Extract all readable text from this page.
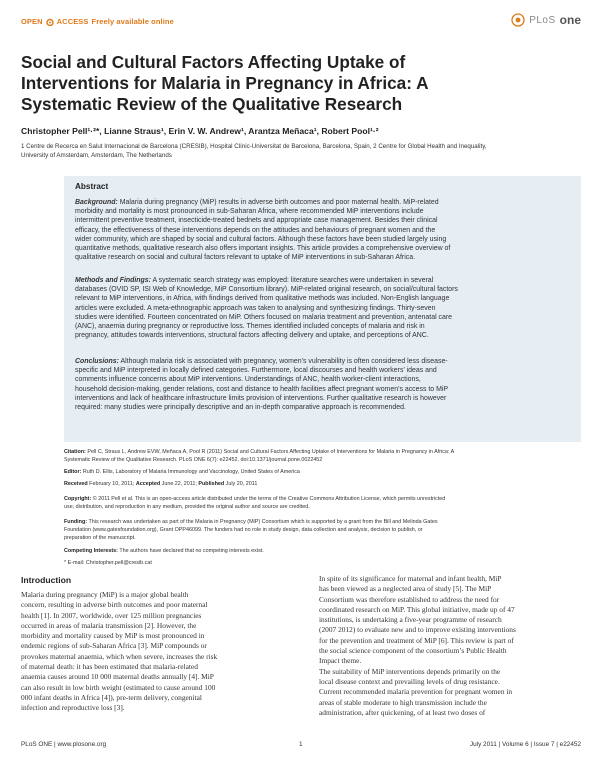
OPEN ACCESS Freely available online	PLoS one
Social and Cultural Factors Affecting Uptake of
Interventions for Malaria in Pregnancy in Africa: A
Systematic Review of the Qualitative Research
Christopher Pell¹·²*, Lianne Straus¹, Erin V. W. Andrew¹, Arantza Meñaca¹, Robert Pool¹·²
1 Centre de Recerca en Salut Internacional de Barcelona (CRESIB), Hospital Clínic-Universitat de Barcelona, Barcelona, Spain, 2 Centre for Global Health and Inequality,
University of Amsterdam, Amsterdam, The Netherlands
Abstract
Background: Malaria during pregnancy (MiP) results in adverse birth outcomes and poor maternal health. MiP-related
morbidity and mortality is most pronounced in sub-Saharan Africa, where recommended MiP interventions include
intermittent preventive treatment, insecticide-treated bednets and appropriate case management. Besides their clinical
efficacy, the effectiveness of these interventions depends on the attitudes and behaviours of pregnant women and the
wider community, which are shaped by social and cultural factors. Although these factors have been studied largely using
quantitative methods, qualitative research also offers important insights. This article provides a comprehensive overview of
qualitative research on social and cultural factors relevant to uptake of MiP interventions in sub-Saharan Africa.
Methods and Findings: A systematic search strategy was employed: literature searches were undertaken in several
databases (OVID SP, ISI Web of Knowledge, MiP Consortium library). MiP-related original research, on social/cultural factors
relevant to MiP interventions, in Africa, with findings derived from qualitative methods was included. Non-English language
articles were excluded. A meta-ethnographic approach was taken to analysing and synthesizing findings. Thirty-seven
studies were identified. Fourteen concentrated on MiP. Others focused on malaria treatment and prevention, antenatal care
(ANC), anaemia during pregnancy or reproductive loss. Themes identified included concepts of malaria and risk in
pregnancy, attitudes towards interventions, structural factors affecting delivery and uptake, and perceptions of ANC.
Conclusions: Although malaria risk is associated with pregnancy, women’s vulnerability is often considered less disease-
specific and MiP interpreted in locally defined categories. Furthermore, local discourses and health workers’ ideas and
comments influence concerns about MiP interventions. Understandings of ANC, health worker-client interactions,
household decision-making, gender relations, cost and distance to health facilities affect pregnant women’s access to MiP
interventions and lack of healthcare infrastructure limits provision of interventions. Further qualitative research is however
required: many studies were principally descriptive and an in-depth comparative approach is recommended.
Citation: Pell C, Straus L, Andrew EVW, Meñaca A, Pool R (2011) Social and Cultural Factors Affecting Uptake of Interventions for Malaria in Pregnancy in Africa: A
Systematic Review of the Qualitative Research. PLoS ONE 6(7): e22452. doi:10.1371/journal.pone.0022452
Editor: Ruth D. Ellis, Laboratory of Malaria Immunology and Vaccinology, United States of America
Received February 10, 2011; Accepted June 22, 2011; Published July 20, 2011
Copyright: © 2011 Pell et al. This is an open-access article distributed under the terms of the Creative Commons Attribution License, which permits unrestricted
use, distribution, and reproduction in any medium, provided the original author and source are credited.
Funding: This research was undertaken as part of the Malaria in Pregnancy (MiP) Consortium which is supported by a grant from the Bill and Melinda Gates
Foundation (www.gatesfoundation.org), Grant OPP46099. The funders had no role in study design, data collection and analysis, decision to publish, or
preparation of the manuscript.
Competing Interests: The authors have declared that no competing interests exist.
* E-mail: Christopher.pell@cresib.cat
Introduction
Malaria during pregnancy (MiP) is a major global health
concern, resulting in adverse birth outcomes and poor maternal
health [1]. In 2007, worldwide, over 125 million pregnancies
occurred in areas of malaria transmission [2]. However, the
morbidity and mortality caused by MiP is most pronounced in
endemic regions of sub-Saharan Africa [3]. MiP compounds or
provokes maternal anaemia, which when severe, increases the risk
of maternal death: it has been estimated that malaria-related
anaemia causes around 10 000 maternal deaths annually [4]. MiP
can also result in low birth weight (estimated to cause around 100
000 infant deaths in Africa [4]), pre-term delivery, congenital
infection and reproductive loss [3].
In spite of its significance for maternal and infant health, MiP
has been viewed as a neglected area of study [5]. The MiP
Consortium was therefore established to address the need for
coordinated research on MiP. This global initiative, made up of 47
institutions, is undertaking a five-year programme of research
(2007 2012) to evaluate new and to improve existing interventions
for the prevention and treatment of MiP [6]. This review is part of
the social science component of the consortium’s Public Health
Impact theme.
The suitability of MiP interventions depends primarily on the
local disease context and prevailing levels of drug resistance.
Current recommended malaria prevention for pregnant women in
areas of stable moderate to high transmission include the
administration, after quickening, of at least two doses of
PLoS ONE | www.plosone.org	1	July 2011 | Volume 6 | Issue 7 | e22452
